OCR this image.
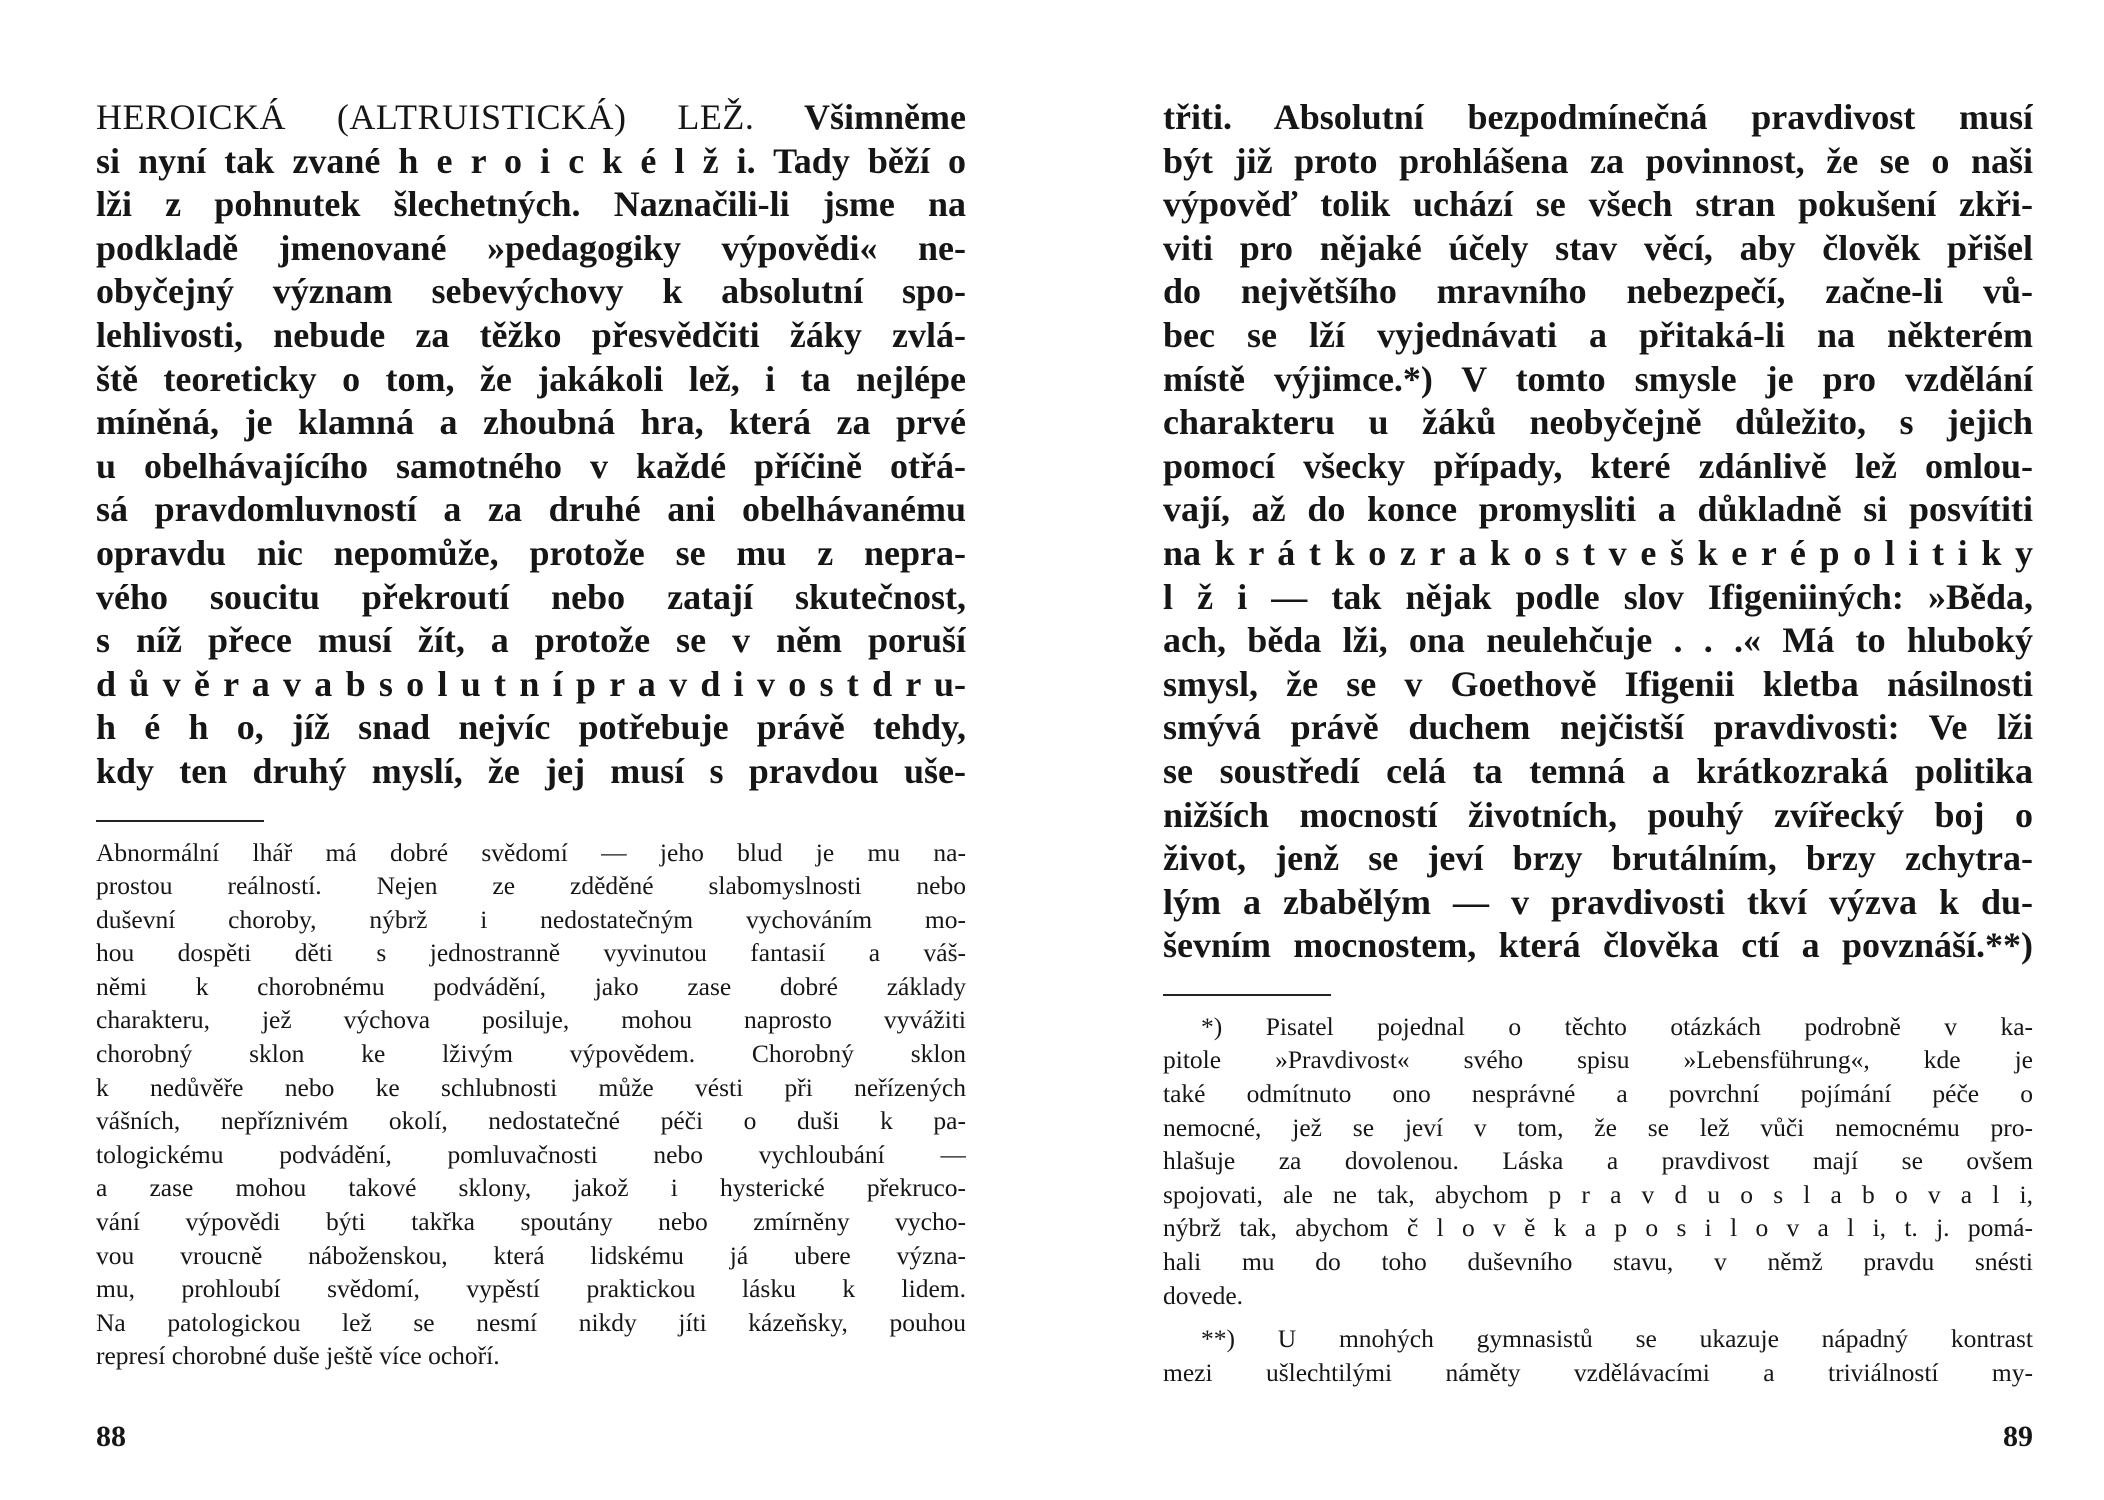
HEROICKÁ (ALTRUISTICKÁ) LEŽ. Všimněme
si nyní tak zvané h e r o i c k é l ž i. Tady běží o
lži z pohnutek šlechetných. Naznačili-li jsme na
podkladě jmenované »pedagogiky výpovědi« ne-
obyčejný význam sebevýchovy k absolutní spo-
lehlivosti, nebude za těžko přesvědčiti žáky zvlá-
ště teoreticky o tom, že jakákoli lež, i ta nejlépe
míněná, je klamná a zhoubná hra, která za prvé
u obelhávajícího samotného v každé příčině otřá-
sá pravdomluvností a za druhé ani obelhávanému
opravdu nic nepomůže, protože se mu z nepra-
vého soucitu překroutí nebo zatají skutečnost,
s níž přece musí žít, a protože se v něm poruší
d ů v ě r a v a b s o l u t n í p r a v d i v o s t d r u-
h é h o, jíž snad nejvíc potřebuje právě tehdy,
kdy ten druhý myslí, že jej musí s pravdou uše-
Abnormální lhář má dobré svědomí — jeho blud je mu na-
prostou reálností. Nejen ze zděděné slabomyslnosti nebo
duševní choroby, nýbrž i nedostatečným vychováním mo-
hou dospěti děti s jednostranně vyvinutou fantasií a váš-
němi k chorobnému podvádění, jako zase dobré základy
charakteru, jež výchova posiluje, mohou naprosto vyvážiti
chorobný sklon ke lživým výpovědem. Chorobný sklon
k nedůvěře nebo ke schlubnosti může vésti při neřízených
vášních, nepříznivém okolí, nedostatečné péči o duši k pa-
tologickému podvádění, pomluvačnosti nebo vychloubání —
a zase mohou takové sklony, jakož i hysterické překruco-
vání výpovědi býti takřka spoutány nebo zmírněny vycho-
vou vroucně náboženskou, která lidskému já ubere význa-
mu, prohloubí svědomí, vypěstí praktickou lásku k lidem.
Na patologickou lež se nesmí nikdy jíti kázeňsky, pouhou
represí chorobné duše ještě více ochoří.
88
třiti. Absolutní bezpodmínečná pravdivost musí
být již proto prohlášena za povinnost, že se o naši
výpověď tolik uchází se všech stran pokušení zkři-
viti pro nějaké účely stav věcí, aby člověk přišel
do největšího mravního nebezpečí, začne-li vů-
bec se lží vyjednávati a přitaká-li na některém
místě výjimce.*) V tomto smysle je pro vzdělání
charakteru u žáků neobyčejně důležito, s jejich
pomocí všecky případy, které zdánlivě lež omlou-
vají, až do konce promysliti a důkladně si posvítiti
na k r á t k o z r a k o s t v e š k e r é p o l i t i k y
l ž i — tak nějak podle slov Ifigeniiných: »Běda,
ach, běda lži, ona neulehčuje . . .« Má to hluboký
smysl, že se v Goethově Ifigenii kletba násilnosti
smývá právě duchem nejčistší pravdivosti: Ve lži
se soustředí celá ta temná a krátkozraká politika
nižších mocností životních, pouhý zvířecký boj o
život, jenž se jeví brzy brutálním, brzy zchytra-
lým a zbabělým — v pravdivosti tkví výzva k du-
ševním mocnostem, která člověka ctí a povznáší.**)
*) Pisatel pojednal o těchto otázkách podrobně v ka-
pitole »Pravdivost« svého spisu »Lebensführung«, kde je
také odmítnuto ono nesprávné a povrchní pojímání péče o
nemocné, jež se jeví v tom, že se lež vůči nemocnému pro-
hlašuje za dovolenou. Láska a pravdivost mají se ovšem
spojovati, ale ne tak, abychom p r a v d u o s l a b o v a l i,
nýbrž tak, abychom č l o v ě k a p o s i l o v a l i, t. j. pomá-
hali mu do toho duševního stavu, v němž pravdu snésti
dovede.
**) U mnohých gymnasistů se ukazuje nápadný kontrast
mezi ušlechtilými náměty vzdělávacími a triviálností my-
89
